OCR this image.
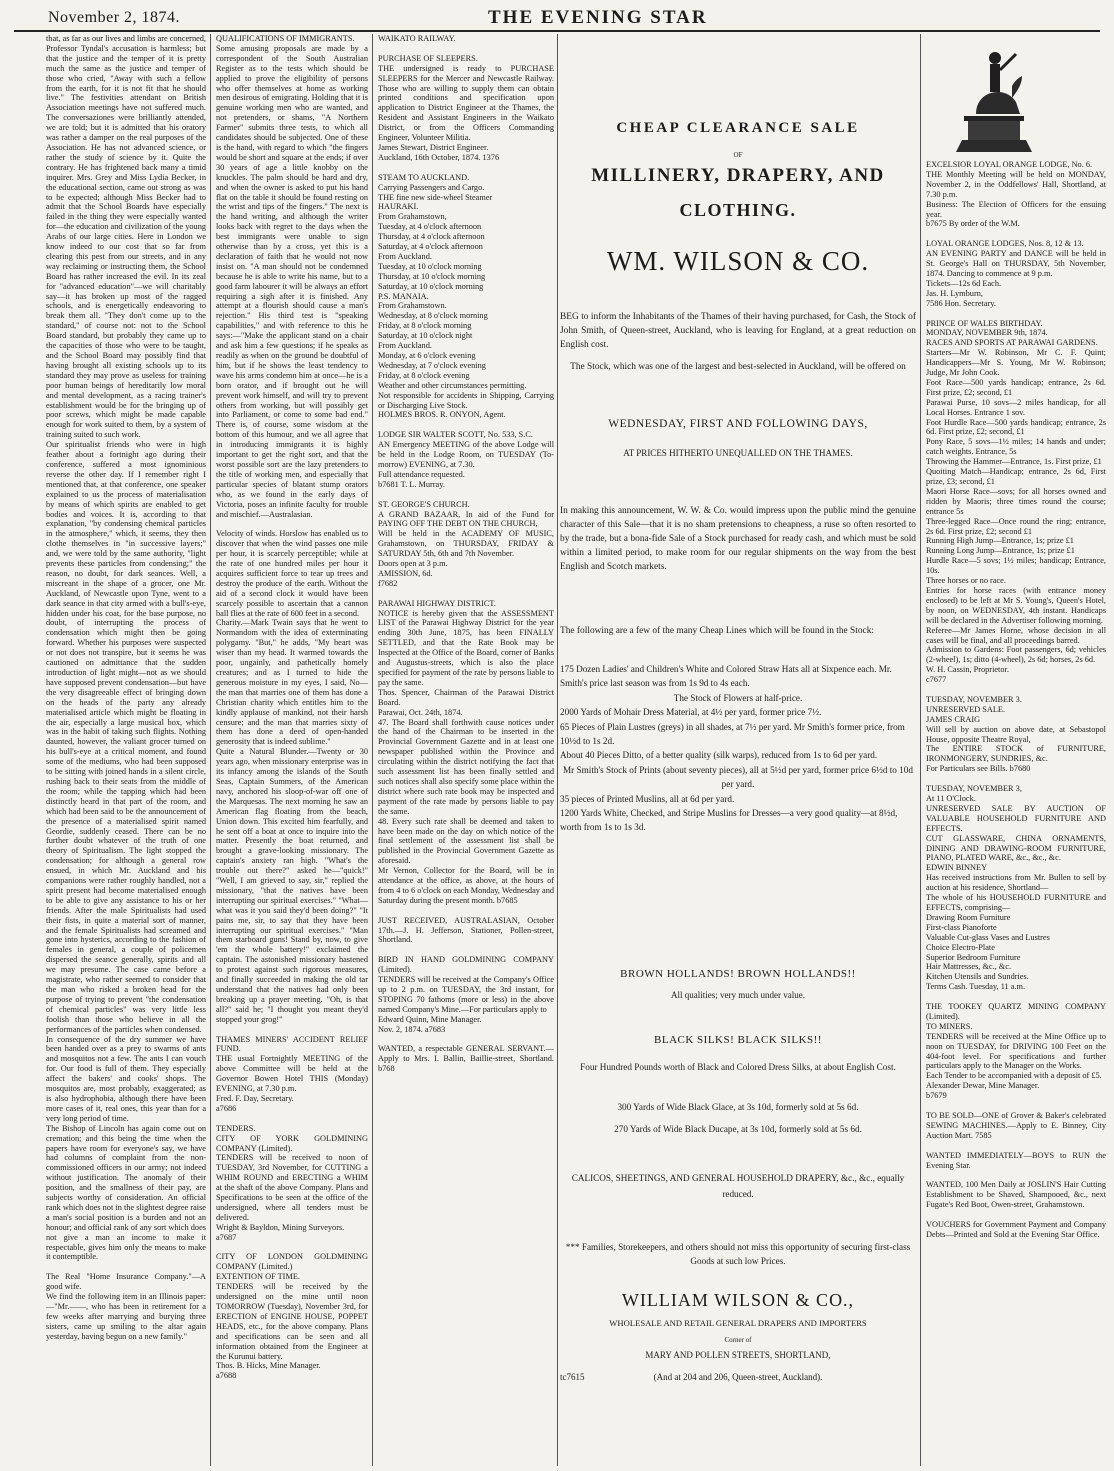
November 2, 1874.	THE EVENING STAR
that, as far as our lives and limbs are concerned, Professor Tyndal's accusation is harmless; but that the justice and the temper of it is pretty much the same as the justice and temper of those who cried, "Away with such a fellow from the earth, for it is not fit that he should live." The festivities attendant on British Association meetings have not suffered much. The conversaziones were brilliantly attended, we are told; but it is admitted that his oratory was rather a damper on the real purposes of the Association. He has not advanced science, or rather the study of science by it. Quite the contrary. He has frightened back many a timid inquirer. Mrs. Grey and Miss Lydia Becker, in the educational section, came out strong as was to be expected; although Miss Becker had to admit that the School Boards have especially failed in the thing they were especially wanted for—the education and civilization of the young Arabs of our large cities. Here in London we know indeed to our cost that so far from clearing this pest from our streets, and in any way reclaiming or instructing them, the School Board has rather increased the evil. In its zeal for "advanced education"—we will charitably say—it has broken up most of the ragged schools, and is energetically endeavoring to break them all. "They don't come up to the standard," of course not: not to the School Board standard, but probably they came up to the capacities of those who were to be taught, and the School Board may possibly find that having brought all existing schools up to its standard they may prove as useless for training poor human beings of hereditarily low moral and mental development, as a racing trainer's establishment would be for the bringing up of poor screws, which might be made capable enough for work suited to them, by a system of training suited to such work.
Our spiritualist friends who were in high feather about a fortnight ago during their conference, suffered a most ignominious reverse the other day. If I remember right I mentioned that, at that conference, one speaker explained to us the process of materialisation by means of which spirits are enabled to get bodies and voices. It is, according to that explanation, "by condensing chemical particles in the atmosphere," which, it seems, they then clothe themselves in "in successive layers;" and, we were told by the same authority, "light prevents these particles from condensing;" the reason, no doubt, for dark seances. Well, a miscreant in the shape of a grocer, one Mr. Auckland, of Newcastle upon Tyne, went to a dark seance in that city armed with a bull's-eye, hidden under his coat, for the base purpose, no doubt, of interrupting the process of condensation which might then be going forward. Whether his purposes were suspected or not does not transpire, but it seems he was cautioned on admittance that the sudden introduction of light might—not as we should have supposed prevent condensation—but have the very disagreeable effect of bringing down on the heads of the party any already materialised article which might be floating in the air, especially a large musical box, which was in the habit of taking such flights. Nothing daunted, however, the valiant grocer turned on his bull's-eye at a critical moment, and found some of the mediums, who had been supposed to be sitting with joined hands in a silent circle, rushing back to their seats from the middle of the room; while the tapping which had been distinctly heard in that part of the room, and which had been said to be the announcement of the presence of a materialised spirit named Geordie, suddenly ceased. There can be no further doubt whatever of the truth of one theory of Spiritualism. The light stopped the condensation; for although a general row ensued, in which Mr. Auckland and his companions were rather roughly handled, not a spirit present had become materialised enough to be able to give any assistance to his or her friends. After the male Spiritualists had used their fists, in quite a material sort of manner, and the female Spiritualists had screamed and gone into hysterics, according to the fashion of females in general, a couple of policemen dispersed the seance generally, spirits and all we may presume. The case came before a magistrate, who rather seemed to consider that the man who risked a broken head for the purpose of trying to prevent "the condensation of chemical particles" was very little less foolish than those who believe in all the performances of the particles when condensed.
In consequence of the dry summer we have been handed over as a prey to swarms of ants and mosquitos not a few. The ants I can vouch for. Our food is full of them. They especially affect the bakers' and cooks' shops. The mosquitos are, most probably, exaggerated; as is also hydrophobia, although there have been more cases of it, real ones, this year than for a very long period of time.
The Bishop of Lincoln has again come out on cremation; and this being the time when the papers have room for everyone's say, we have had columns of complaint from the non-commissioned officers in our army; not indeed without justification. The anomaly of their position, and the smallness of their pay, are subjects worthy of consideration. An official rank which does not in the slightest degree raise a man's social position is a burden and not an honour; and official rank of any sort which does not give a man an income to make it respectable, gives him only the means to make it contemptible.

The Real "Home Insurance Company."—A good wife.
We find the following item in an Illinois paper:—"Mr.——, who has been in retirement for a few weeks after marrying and burying three sisters, came up smiling to the altar again yesterday, having begun on a new family."
QUALIFICATIONS OF IMMIGRANTS.
Some amusing proposals are made by a correspondent of the South Australian Register as to the tests which should be applied to prove the eligibility of persons who offer themselves at home as working men desirous of emigrating. Holding that it is genuine working men who are wanted, and not pretenders, or shams, "A Northern Farmer" submits three tests, to which all candidates should be subjected. One of these is the hand, with regard to which "the fingers would be short and square at the ends; if over 30 years of age a little knobby on the knuckles. The palm should be hard and dry, and when the owner is asked to put his hand flat on the table it should be found resting on the wrist and tips of the fingers." The next is the hand writing, and although the writer looks back with regret to the days when the best immigrants were unable to sign otherwise than by a cross, yet this is a declaration of faith that he would not now insist on. "A man should not be condemned because he is able to write his name, but to a good farm labourer it will be always an effort requiring a sigh after it is finished. Any attempt at a flourish should cause a man's rejection." His third test is "speaking capabilities," and with reference to this he says:—"Make the applicant stand on a chair and ask him a few questions; if he speaks as readily as when on the ground be doubtful of him, but if he shows the least tendency to wave his arms condemn him at once—he is a born orator, and if brought out he will prevent work himself, and will try to prevent others from working, but will possibly get into Parliament, or come to some bad end." There is, of course, some wisdom at the bottom of this humour, and we all agree that in introducing immigrants it is highly important to get the right sort, and that the worst possible sort are the lazy pretenders to the title of working men, and especially that particular species of blatant stump orators who, as we found in the early days of Victoria, poses an infinite faculty for trouble and mischief.—Australasian.

Velocity of winds. Horslow has enabled us to discover that when the wind passes one mile per hour, it is scarcely perceptible; while at the rate of one hundred miles per hour it acquires sufficient force to tear up trees and destroy the produce of the earth. Without the aid of a second clock it would have been scarcely possible to ascertain that a cannon ball flies at the rate of 600 feet in a second.
Charity.—Mark Twain says that he went to Normandom with the idea of exterminating polygamy. "But," he adds, "My heart was wiser than my head. It warmed towards the poor, ungainly, and pathetically homely creatures; and as I turned to hide the generous moisture in my eyes, I said, No—the man that marries one of them has done a Christian charity which entitles him to the kindly applause of mankind, not their harsh censure; and the man that marries sixty of them has done a deed of open-handed generosity that is indeed sublime."
Quite a Natural Blunder.—Twenty or 30 years ago, when missionary enterprise was in its infancy among the islands of the South Seas, Captain Summers, of the American navy, anchored his sloop-of-war off one of the Marquesas. The next morning he saw an American flag floating from the beach, Union down. This excited him fearfully, and he sent off a boat at once to inquire into the matter. Presently the boat returned, and brought a grave-looking missionary. The captain's anxiety ran high. "What's the trouble out there?" asked he—"quick!" "Well, I am grieved to say, sir," replied the missionary, "that the natives have been interrupting our spiritual exercises." "What—what was it you said they'd been doing?" "It pains me, sir, to say that they have been interrupting our spiritual exercises." "Man them starboard guns! Stand by, now, to give 'em the whole battery!" exclaimed the captain. The astonished missionary hastened to protest against such rigorous measures, and finally succeeded in making the old tar understand that the natives had only been breaking up a prayer meeting. "Oh, is that all?" said he; "I thought you meant they'd stopped your grog!"

THAMES MINERS' ACCIDENT RELIEF FUND.
THE usual Fortnightly MEETING of the above Committee will be held at the Governor Bowen Hotel THIS (Monday) EVENING, at 7.30 p.m.
Fred. F. Day, Secretary.
a7686

TENDERS.
CITY OF YORK GOLDMINING COMPANY (Limited).
TENDERS will be received to noon of TUESDAY, 3rd November, for CUTTING a WHIM ROUND and ERECTING a WHIM at the shaft of the above Company. Plans and Specifications to be seen at the office of the undersigned, where all tenders must be delivered.
Wright & Bayldon, Mining Surveyors.
a7687

CITY OF LONDON GOLDMINING COMPANY (Limited.)
EXTENTION OF TIME.
TENDERS will be received by the undersigned on the mine until noon TOMORROW (Tuesday), November 3rd, for ERECTION of ENGINE HOUSE, POPPET HEADS, etc., for the above company. Plans and specifications can be seen and all information obtained from the Engineer at the Kurunui battery.
Thos. B. Hicks, Mine Manager.
a7688
WAIKATO RAILWAY.

PURCHASE OF SLEEPERS.
THE undersigned is ready to PURCHASE SLEEPERS for the Mercer and Newcastle Railway. Those who are willing to supply them can obtain printed conditions and specification upon application to District Engineer at the Thames, the Resident and Assistant Engineers in the Waikato District, or from the Officers Commanding Engineer, Volunteer Militia.
James Stewart, District Engineer.
Auckland, 16th October, 1874. 1376

STEAM TO AUCKLAND.
Carrying Passengers and Cargo.
THE fine new side-wheel Steamer
HAURAKI.
From Grahamstown,
Tuesday, at 4 o'clock afternoon
Thursday, at 4 o'clock afternoon
Saturday, at 4 o'clock afternoon
From Auckland.
Tuesday, at 10 o'clock morning
Thursday, at 10 o'clock morning
Saturday, at 10 o'clock morning
P.S. MANAIA.
From Grahamstown.
Wednesday, at 8 o'clock morning
Friday, at 8 o'clock morning
Saturday, at 10 o'clock night
From Auckland.
Monday, at 6 o'clock evening
Wednesday, at 7 o'clock evening
Friday, at 8 o'clock evening
Weather and other circumstances permitting.
Not responsible for accidents in Shipping, Carrying or Discharging Live Stock.
HOLMES BROS. R. ONYON, Agent.

LODGE SIR WALTER SCOTT, No. 533, S.C.
AN Emergency MEETING of the above Lodge will be held in the Lodge Room, on TUESDAY (To-morrow) EVENING, at 7.30.
Full attendance requested.
b7681 T. L. Murray.

ST. GEORGE'S CHURCH.
A GRAND BAZAAR, In aid of the Fund for PAYING OFF THE DEBT ON THE CHURCH,
Will be held in the ACADEMY OF MUSIC, Grahamstown, on THURSDAY, FRIDAY & SATURDAY 5th, 6th and 7th November.
Doors open at 3 p.m.
AMISSION, 6d.
f7682

PARAWAI HIGHWAY DISTRICT.
NOTICE is hereby given that the ASSESSMENT LIST of the Parawai Highway District for the year ending 30th June, 1875, has been FINALLY SETTLED, and that the Rate Book may be Inspected at the Office of the Board, corner of Banks and Augustus-streets, which is also the place specified for payment of the rate by persons liable to pay the same.
Thos. Spencer, Chairman of the Parawai District Board.
Parawai, Oct. 24th, 1874.
47. The Board shall forthwith cause notices under the hand of the Chairman to be inserted in the Provincial Government Gazette and in at least one newspaper published within the Province and circulating within the district notifying the fact that such assessment list has been finally settled and such notices shall also specify some place within the district where such rate book may be inspected and payment of the rate made by persons liable to pay the same.
48. Every such rate shall be deemed and taken to have been made on the day on which notice of the final settlement of the assessment list shall be published in the Provincial Government Gazette as aforesaid.
Mr Vernon, Collector for the Board, will be in attendance at the office, as above, at the hours of from 4 to 6 o'clock on each Monday, Wednesday and Saturday during the present month. b7685

JUST RECEIVED, AUSTRALASIAN, October 17th.—J. H. Jefferson, Stationer, Pollen-street, Shortland.

BIRD IN HAND GOLDMINING COMPANY (Limited).
TENDERS will be received at the Company's Office up to 2 p.m. on TUESDAY, the 3rd instant, for STOPING 70 fathoms (more or less) in the above named Company's Mine.—For particulars apply to
Edward Quinn, Mine Manager.
Nov. 2, 1874. a7683

WANTED, a respectable GENERAL SERVANT.—Apply to Mrs. I. Ballin, Baillie-street, Shortland. b768
CHEAP CLEARANCE SALE
OF
MILLINERY, DRAPERY, AND
CLOTHING.
WM. WILSON & CO.
BEG to inform the Inhabitants of the Thames of their having purchased, for Cash, the Stock of John Smith, of Queen-street, Auckland, who is leaving for England, at a great reduction on English cost.
The Stock, which was one of the largest and best-selected in Auckland, will be offered on
WEDNESDAY, FIRST AND FOLLOWING DAYS,
AT PRICES HITHERTO UNEQUALLED ON THE THAMES.
In making this announcement, W. W. & Co. would impress upon the public mind the genuine character of this Sale—that it is no sham pretensions to cheapness, a ruse so often resorted to by the trade, but a bona-fide Sale of a Stock purchased for ready cash, and which must be sold within a limited period, to make room for our regular shipments on the way from the best English and Scotch markets.
The following are a few of the many Cheap Lines which will be found in the Stock:
175 Dozen Ladies' and Children's White and Colored Straw Hats all at Sixpence each. Mr. Smith's price last season was from 1s 9d to 4s each.
The Stock of Flowers at half-price.
2000 Yards of Mohair Dress Material, at 4½ per yard, former price 7½.
65 Pieces of Plain Lustres (greys) in all shades, at 7½ per yard. Mr Smith's former price, from 10½d to 1s 2d.
About 40 Pieces Ditto, of a better quality (silk warps), reduced from 1s to 6d per yard.
Mr Smith's Stock of Prints (about seventy pieces), all at 5½d per yard, former price 6½d to 10d per yard.
35 pieces of Printed Muslins, all at 6d per yard.
1200 Yards White, Checked, and Stripe Muslins for Dresses—a very good quality—at 8½d, worth from 1s to 1s 3d.
BROWN HOLLANDS! BROWN HOLLANDS!!
All qualities; very much under value.
BLACK SILKS! BLACK SILKS!!
Four Hundred Pounds worth of Black and Colored Dress Silks, at about English Cost.
300 Yards of Wide Black Glace, at 3s 10d, formerly sold at 5s 6d.
270 Yards of Wide Black Ducape, at 3s 10d, formerly sold at 5s 6d.
CALICOS, SHEETINGS, AND GENERAL HOUSEHOLD DRAPERY, &c., &c., equally reduced.
*** Families, Storekeepers, and others should not miss this opportunity of securing first-class Goods at such low Prices.
WILLIAM WILSON & CO.,
WHOLESALE AND RETAIL GENERAL DRAPERS AND IMPORTERS
Corner of
MARY AND POLLEN STREETS, SHORTLAND,
(And at 204 and 206, Queen-street, Auckland).
tc7615
EXCELSIOR LOYAL ORANGE LODGE, No. 6.
THE Monthly Meeting will be held on MONDAY, November 2, in the Oddfellows' Hall, Shortland, at 7.30 p.m.
Business: The Election of Officers for the ensuing year.
b7675 By order of the W.M.

LOYAL ORANGE LODGES, Nos. 8, 12 & 13.
AN EVENING PARTY and DANCE will be held in St. George's Hall on THURSDAY, 5th November, 1874. Dancing to commence at 9 p.m.
Tickets—12s 6d Each.
Jas. H. Lymburn,
7586 Hon. Secretary.

PRINCE OF WALES BIRTHDAY.
MONDAY, NOVEMBER 9th, 1874.
RACES AND SPORTS AT PARAWAI GARDENS.
Starters—Mr W. Robinson, Mr C. F. Quint; Handicappers—Mr S. Young, Mr W. Robinson; Judge, Mr John Cook.
Foot Race—500 yards handicap; entrance, 2s 6d. First prize, £2; second, £1
Parawai Purse, 10 sovs—2 miles handicap, for all Local Horses. Entrance 1 sov.
Foot Hurdle Race—500 yards handicap; entrance, 2s 6d. First prize, £2; second, £1
Pony Race, 5 sovs—1½ miles; 14 hands and under; catch weights. Entrance, 5s
Throwing the Hammer—Entrance, 1s. First prize, £1
Quoiting Match—Handicap; entrance, 2s 6d, First prize, £3; second, £1
Maori Horse Race—sovs; for all horses owned and ridden by Maoris; three times round the course; entrance 5s
Three-legged Race—Once round the ring; entrance, 2s 6d. First prize, £2; second £1
Running High Jump—Entrance, 1s; prize £1
Running Long Jump—Entrance, 1s; prize £1
Hurdle Race—5 sovs; 1½ miles; handicap; Entrance, 10s.
Three horses or no race.
Entries for horse races (with entrance money enclosed) to be left at Mr S. Young's, Queen's Hotel, by noon, on WEDNESDAY, 4th instant. Handicaps will be declared in the Advertiser following morning.
Referee—Mr James Horne, whose decision in all cases will be final, and all proceedings barred.
Admission to Gardens: Foot passengers, 6d; vehicles (2-wheel), 1s; ditto (4-wheel), 2s 6d; horses, 2s 6d.
W. H. Cassin, Proprietor.
c7677

TUESDAY, NOVEMBER 3.
UNRESERVED SALE.
JAMES CRAIG
Will sell by auction on above date, at Sebastopol House, opposite Theatre Royal,
The ENTIRE STOCK of FURNITURE, IRONMONGERY, SUNDRIES, &c.
For Particulars see Bills. b7680

TUESDAY, NOVEMBER 3,
At 11 O'Clock.
UNRESERVED SALE BY AUCTION OF VALUABLE HOUSEHOLD FURNITURE AND EFFECTS.
CUT GLASSWARE, CHINA ORNAMENTS, DINING AND DRAWING-ROOM FURNITURE, PIANO, PLATED WARE, &c., &c., &c.
EDWIN BINNEY
Has received instructions from Mr. Bullen to sell by auction at his residence, Shortland—
The whole of his HOUSEHOLD FURNITURE and EFFECTS, comprising—
Drawing Room Furniture
First-class Pianoforte
Valuable Cut-glass Vases and Lustres
Choice Electro-Plate
Superior Bedroom Furniture
Hair Mattresses, &c., &c.
Kitchen Utensils and Sundries.
Terms Cash. Tuesday, 11 a.m.

THE TOOKEY QUARTZ MINING COMPANY (Limited).
TO MINERS.
TENDERS will be received at the Mine Office up to noon on TUESDAY, for DRIVING 100 Feet on the 404-foot level. For specifications and further particulars apply to the Manager on the Works.
Each Tender to be accompanied with a deposit of £5.
Alexander Dewar, Mine Manager.
b7679

TO BE SOLD—ONE of Grover & Baker's celebrated SEWING MACHINES.—Apply to E. Binney, City Auction Mart. 7585

WANTED IMMEDIATELY—BOYS to RUN the Evening Star.

WANTED, 100 Men Daily at JOSLIN'S Hair Cutting Establishment to be Shaved, Shampooed, &c., next Fugate's Red Boot, Owen-street, Grahamstown.

VOUCHERS for Government Payment and Company Debts—Printed and Sold at the Evening Star Office.
